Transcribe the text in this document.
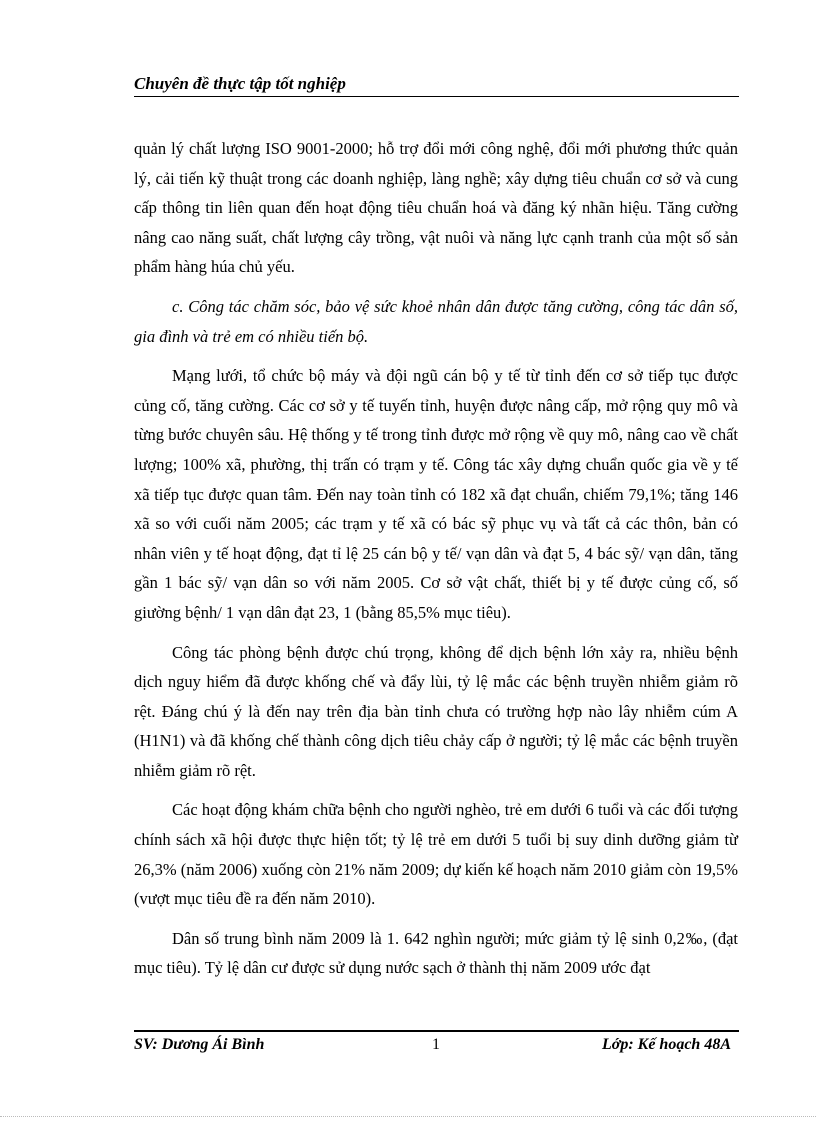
Chuyên đề thực tập tốt nghiệp

quản lý chất lượng ISO 9001-2000; hỗ trợ đổi mới công nghệ, đổi mới phương thức quản lý, cải tiến kỹ thuật trong các doanh nghiệp, làng nghề; xây dựng tiêu chuẩn cơ sở và cung cấp thông tin liên quan đến hoạt động tiêu chuẩn hoá và đăng ký nhãn hiệu. Tăng cường nâng cao năng suất, chất lượng cây trồng, vật nuôi và năng lực cạnh tranh của một số sản phẩm hàng húa chủ yếu.

c. Công tác chăm sóc, bảo vệ sức khoẻ nhân dân được tăng cường, công tác dân số, gia đình và trẻ em có nhiều tiến bộ.

Mạng lưới, tổ chức bộ máy và đội ngũ cán bộ y tế từ tỉnh đến cơ sở tiếp tục được củng cố, tăng cường. Các cơ sở y tế tuyến tỉnh, huyện được nâng cấp, mở rộng quy mô và từng bước chuyên sâu. Hệ thống y tế trong tỉnh được mở rộng về quy mô, nâng cao về chất lượng; 100% xã, phường, thị trấn có trạm y tế. Công tác xây dựng chuẩn quốc gia về y tế xã tiếp tục được quan tâm. Đến nay toàn tỉnh có 182 xã đạt chuẩn, chiếm 79,1%; tăng 146 xã so với cuối năm 2005; các trạm y tế xã có bác sỹ phục vụ và tất cả các thôn, bản có nhân viên y tế hoạt động, đạt tỉ lệ 25 cán bộ y tế/ vạn dân và đạt 5, 4 bác sỹ/ vạn dân, tăng gần 1 bác sỹ/ vạn dân so với năm 2005. Cơ sở vật chất, thiết bị y tế được củng cố, số giường bệnh/ 1 vạn dân đạt 23, 1 (bằng 85,5% mục tiêu).

Công tác phòng bệnh được chú trọng, không để dịch bệnh lớn xảy ra, nhiều bệnh dịch nguy hiểm đã được khống chế và đẩy lùi, tỷ lệ mắc các bệnh truyền nhiễm giảm rõ rệt. Đáng chú ý là đến nay trên địa bàn tỉnh chưa có trường hợp nào lây nhiễm cúm A (H1N1) và đã khống chế thành công dịch tiêu chảy cấp ở người; tỷ lệ mắc các bệnh truyền nhiễm giảm rõ rệt.

Các hoạt động khám chữa bệnh cho người nghèo, trẻ em dưới 6 tuổi và các đối tượng chính sách xã hội được thực hiện tốt; tỷ lệ trẻ em dưới 5 tuổi bị suy dinh dưỡng giảm từ 26,3% (năm 2006) xuống còn 21% năm 2009; dự kiến kế hoạch năm 2010 giảm còn 19,5% (vượt mục tiêu đề ra đến năm 2010).

Dân số trung bình năm 2009 là 1. 642 nghìn người; mức giảm tỷ lệ sinh 0,2‰, (đạt mục tiêu). Tỷ lệ dân cư được sử dụng nước sạch ở thành thị năm 2009 ước đạt

SV: Dương Ái Bình	1	Lớp: Kế hoạch 48A
